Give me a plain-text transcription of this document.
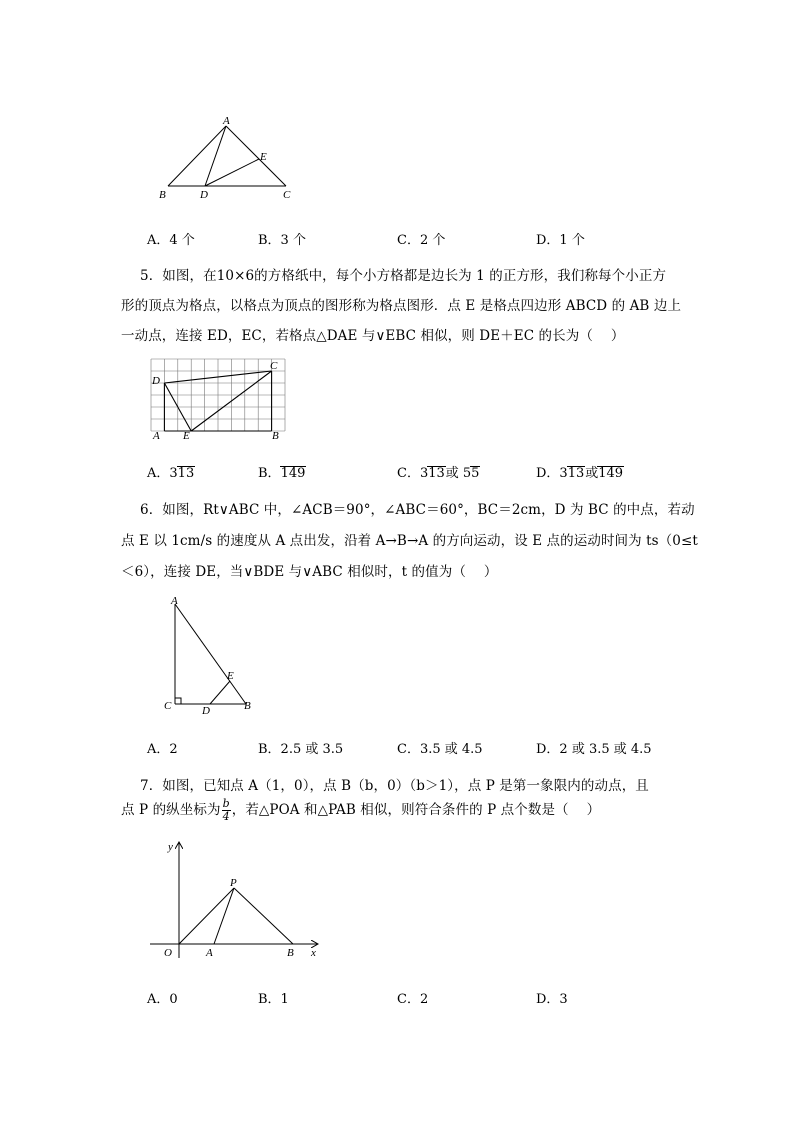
A
B	C
D
E
A．4 个	B．3 个	C．2 个	D．1 个
5．如图，在10×6的方格纸中，每个小方格都是边长为 1 的正方形，我们称每个小正方
形的顶点为格点，以格点为顶点的图形称为格点图形．点 E 是格点四边形 ABCD 的 AB 边上
一动点，连接 ED，EC，若格点△DAE 与∨EBC 相似，则 DE＋EC 的长为（　 ）
D
C
A E	B
A．313	B．149	C．313或 55	D．313或149
6．如图，Rt∨ABC 中，∠ACB＝90°，∠ABC＝60°，BC＝2cm，D 为 BC 的中点，若动
点 E 以 1cm/s 的速度从 A 点出发，沿着 A→B→A 的方向运动，设 E 点的运动时间为 ts（0≤t
＜6），连接 DE，当∨BDE 与∨ABC 相似时，t 的值为（　 ）
A
C	D	B
E
A．2	B．2.5 或 3.5	C．3.5 或 4.5	D．2 或 3.5 或 4.5
7．如图，已知点 A（1，0），点 B（b，0）（b＞1），点 P 是第一象限内的动点，且
点 P 的纵坐标为 $\frac{b}{4}$ ，若△POA 和△PAB 相似，则符合条件的 P 点个数是（　 ）
y
x
O	A	B
P
A．0	B．1	C．2	D．3
